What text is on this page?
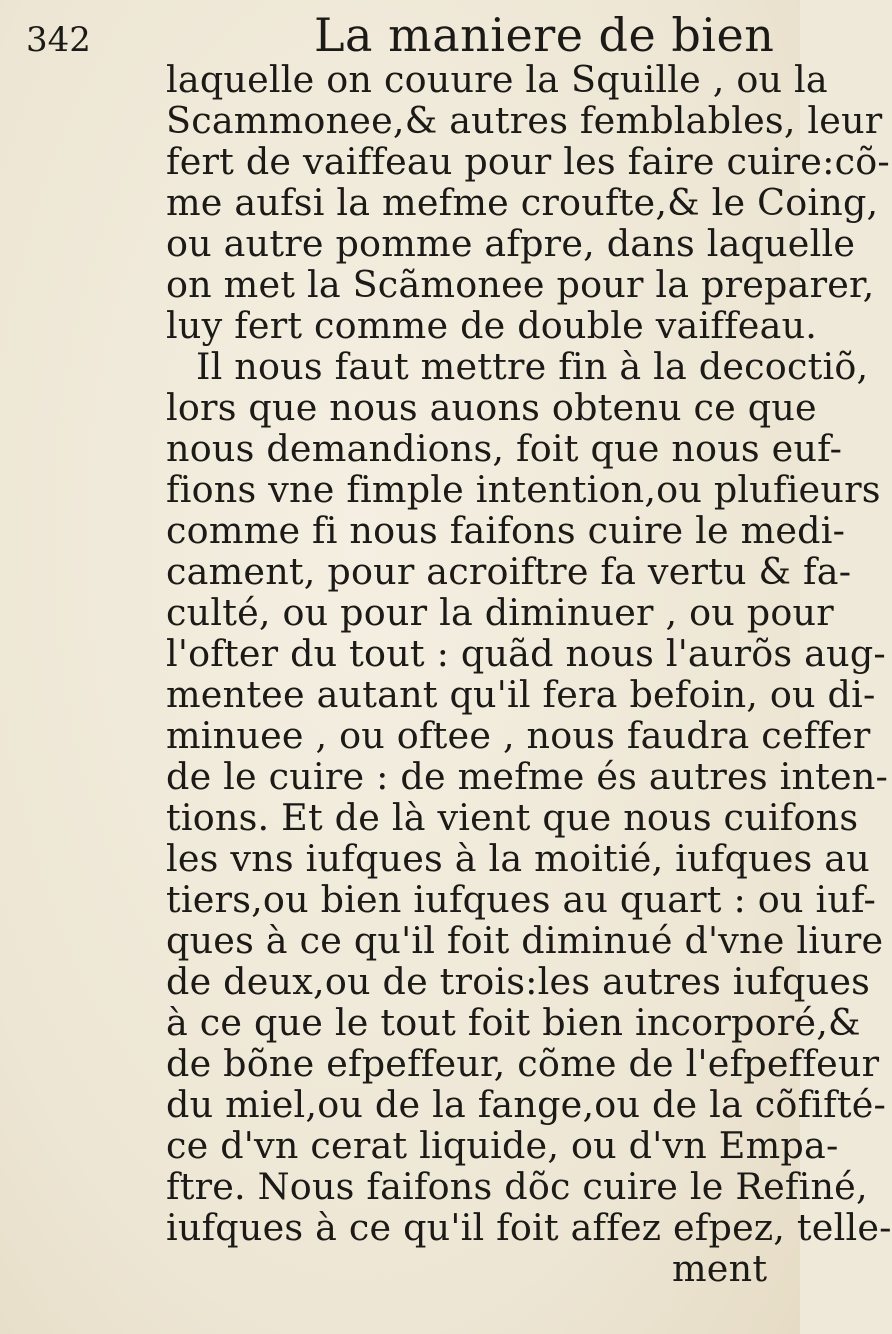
342	La maniere de bien
laquelle on couure la Squille , ou la
Scammonee,& autres femblables, leur
fert de vaiffeau pour les faire cuire:cõ-
me aufsi la mefme croufte,& le Coing,
ou autre pomme afpre, dans laquelle
on met la Scãmonee pour la preparer,
luy fert comme de double vaiffeau.
Il nous faut mettre fin à la decoctiõ,
lors que nous auons obtenu ce que
nous demandions, foit que nous euf-
fions vne fimple intention,ou plufieurs
comme fi nous faifons cuire le medi-
cament, pour acroiftre fa vertu & fa-
culté, ou pour la diminuer , ou pour
l'ofter du tout : quãd nous l'aurõs aug-
mentee autant qu'il fera befoin, ou di-
minuee , ou oftee , nous faudra ceffer
de le cuire : de mefme és autres inten-
tions. Et de là vient que nous cuifons
les vns iufques à la moitié, iufques au
tiers,ou bien iufques au quart : ou iuf-
ques à ce qu'il foit diminué d'vne liure
de deux,ou de trois:les autres iufques
à ce que le tout foit bien incorporé,&
de bõne efpeffeur, cõme de l'efpeffeur
du miel,ou de la fange,ou de la cõfifté-
ce d'vn cerat liquide, ou d'vn Empa-
ftre. Nous faifons dõc cuire le Refiné,
iufques à ce qu'il foit affez efpez, telle-
ment
